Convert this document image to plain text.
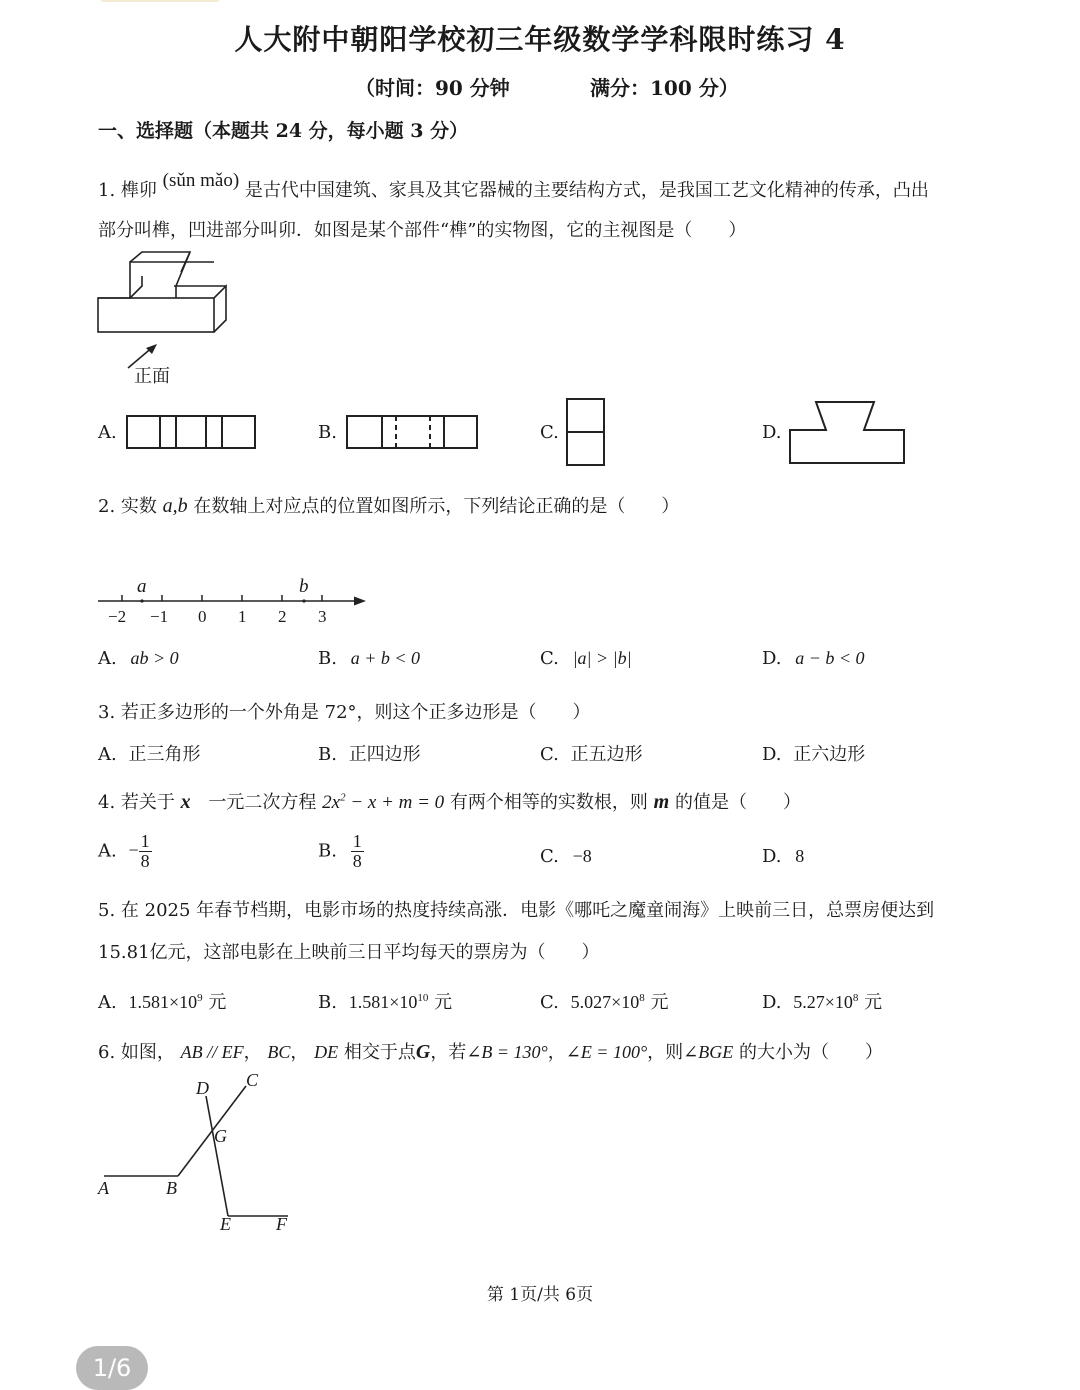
人大附中朝阳学校初三年级数学学科限时练习 4
（时间：90 分钟	满分：100 分）
一、选择题（本题共 24 分，每小题 3 分）
1. 榫卯 (sǔn mǎo) 是古代中国建筑、家具及其它器械的主要结构方式，是我国工艺文化精神的传承，凸出
部分叫榫，凹进部分叫卯．如图是某个部件“榫”的实物图，它的主视图是（　　）
正面
A.	B.	C.	D.
2. 实数 a,b 在数轴上对应点的位置如图所示，下列结论正确的是（　　）
a	b
−2 −1 0 1 2 3
A. ab > 0	B. a + b < 0	C. |a| > |b|	D. a − b < 0
3. 若正多边形的一个外角是 72°，则这个正多边形是（　　）
A. 正三角形	B. 正四边形	C. 正五边形	D. 正六边形
4. 若关于 x 一元二次方程 $2x^2 - x + m = 0$ 有两个相等的实数根，则 m 的值是（　　）
A. − $\frac{1}{8}$	B. $\frac{1}{8}$	C. −8	D. 8
5. 在 2025 年春节档期，电影市场的热度持续高涨．电影《哪吒之魔童闹海》上映前三日，总票房便达到
15.81亿元，这部电影在上映前三日平均每天的票房为（　　）
A. $1.581\times 10^9$ 元	B. $1.581\times 10^{10}$ 元	C. $5.027\times 10^8$ 元	D. $5.27\times 10^8$ 元
6. 如图， AB // EF， BC， DE 相交于点G，若∠B = 130°，∠E = 100°，则∠BGE 的大小为（　　）
A	B
C
D
E	F
G
第 1页/共 6页
1/6
